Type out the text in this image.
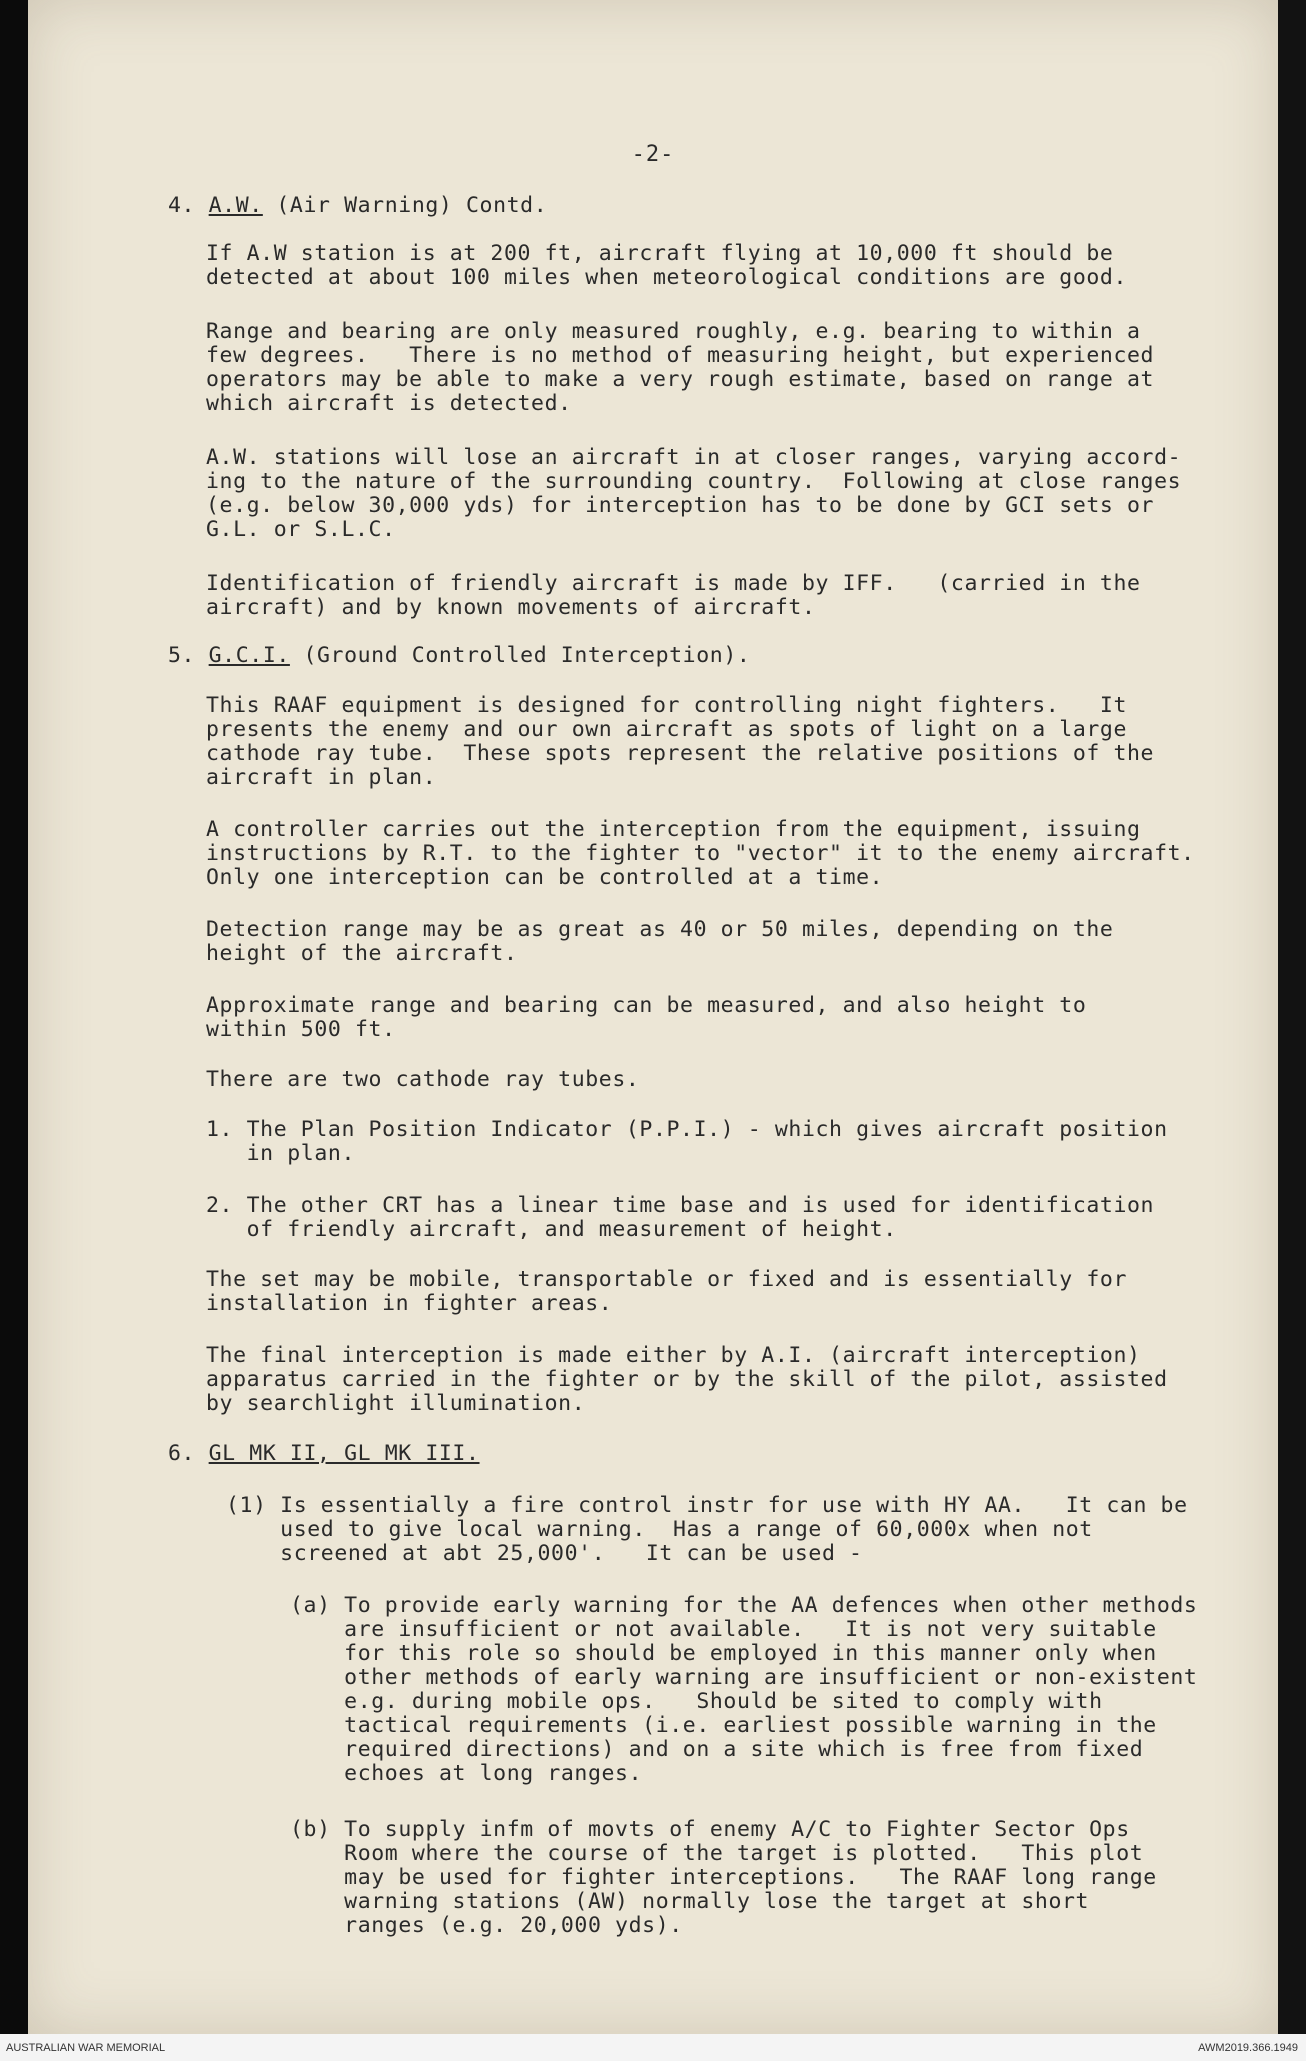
-2-
4. A.W. (Air Warning) Contd.
If A.W station is at 200 ft, aircraft flying at 10,000 ft should be
detected at about 100 miles when meteorological conditions are good.
Range and bearing are only measured roughly, e.g. bearing to within a
few degrees.   There is no method of measuring height, but experienced
operators may be able to make a very rough estimate, based on range at
which aircraft is detected.
A.W. stations will lose an aircraft in at closer ranges, varying accord-
ing to the nature of the surrounding country.  Following at close ranges
(e.g. below 30,000 yds) for interception has to be done by GCI sets or
G.L. or S.L.C.
Identification of friendly aircraft is made by IFF.   (carried in the
aircraft) and by known movements of aircraft.
5. G.C.I. (Ground Controlled Interception).
This RAAF equipment is designed for controlling night fighters.   It
presents the enemy and our own aircraft as spots of light on a large
cathode ray tube.  These spots represent the relative positions of the
aircraft in plan.
A controller carries out the interception from the equipment, issuing
instructions by R.T. to the fighter to "vector" it to the enemy aircraft.
Only one interception can be controlled at a time.
Detection range may be as great as 40 or 50 miles, depending on the
height of the aircraft.
Approximate range and bearing can be measured, and also height to
within 500 ft.
There are two cathode ray tubes.
1. The Plan Position Indicator (P.P.I.) - which gives aircraft position
in plan.
2. The other CRT has a linear time base and is used for identification
of friendly aircraft, and measurement of height.
The set may be mobile, transportable or fixed and is essentially for
installation in fighter areas.
The final interception is made either by A.I. (aircraft interception)
apparatus carried in the fighter or by the skill of the pilot, assisted
by searchlight illumination.
6. GL MK II, GL MK III.
(1) Is essentially a fire control instr for use with HY AA.   It can be
used to give local warning.  Has a range of 60,000x when not
screened at abt 25,000'.   It can be used -
(a) To provide early warning for the AA defences when other methods
are insufficient or not available.   It is not very suitable
for this role so should be employed in this manner only when
other methods of early warning are insufficient or non-existent
e.g. during mobile ops.   Should be sited to comply with
tactical requirements (i.e. earliest possible warning in the
required directions) and on a site which is free from fixed
echoes at long ranges.
(b) To supply infm of movts of enemy A/C to Fighter Sector Ops
Room where the course of the target is plotted.   This plot
may be used for fighter interceptions.   The RAAF long range
warning stations (AW) normally lose the target at short
ranges (e.g. 20,000 yds).
AUSTRALIAN WAR MEMORIAL	AWM2019.366.1949
